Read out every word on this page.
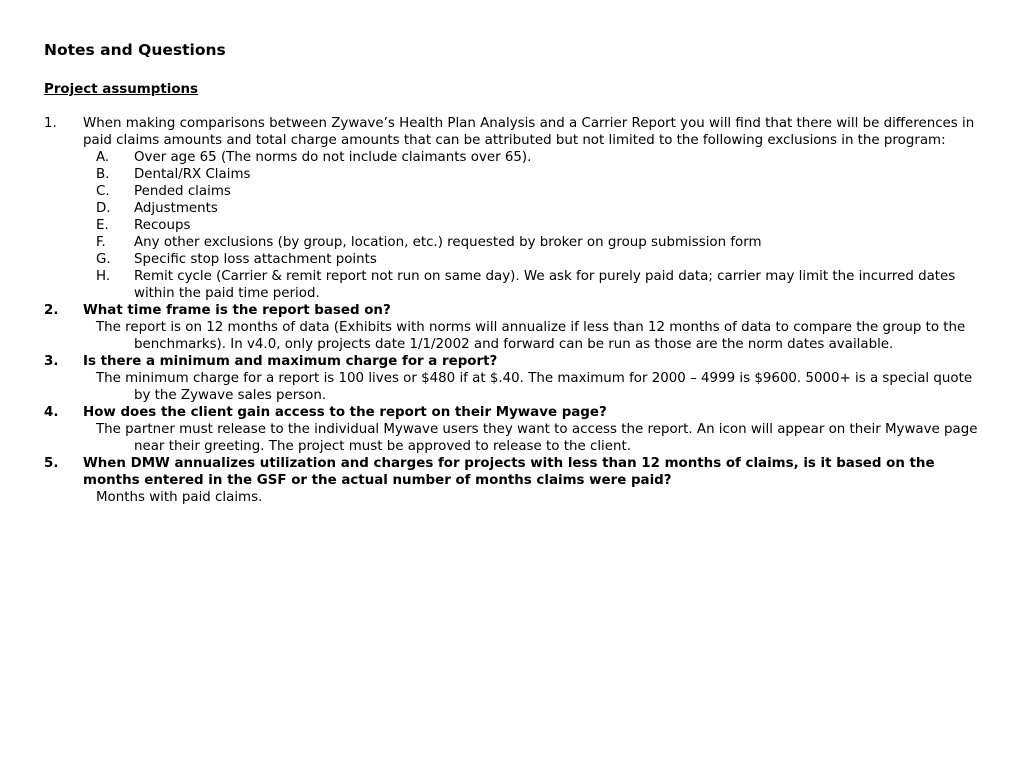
Notes and Questions
Project assumptions
1.	When making comparisons between Zywave’s Health Plan Analysis and a Carrier Report you will find that there will be differences in paid claims amounts and total charge amounts that can be attributed but not limited to the following exclusions in the program:
A.	Over age 65 (The norms do not include claimants over 65).
B.	Dental/RX Claims
C.	Pended claims
D.	Adjustments
E.	Recoups
F.	Any other exclusions (by group, location, etc.) requested by broker on group submission form
G.	Specific stop loss attachment points
H.	Remit cycle (Carrier & remit report not run on same day). We ask for purely paid data; carrier may limit the incurred dates within the paid time period.
2.	What time frame is the report based on?
The report is on 12 months of data (Exhibits with norms will annualize if less than 12 months of data to compare the group to the benchmarks). In v4.0, only projects date 1/1/2002 and forward can be run as those are the norm dates available.
3.	Is there a minimum and maximum charge for a report?
The minimum charge for a report is 100 lives or $480 if at $.40. The maximum for 2000 – 4999 is $9600. 5000+ is a special quote by the Zywave sales person.
4.	How does the client gain access to the report on their Mywave page?
The partner must release to the individual Mywave users they want to access the report. An icon will appear on their Mywave page near their greeting. The project must be approved to release to the client.
5.	When DMW annualizes utilization and charges for projects with less than 12 months of claims, is it based on the months entered in the GSF or the actual number of months claims were paid?
Months with paid claims.
